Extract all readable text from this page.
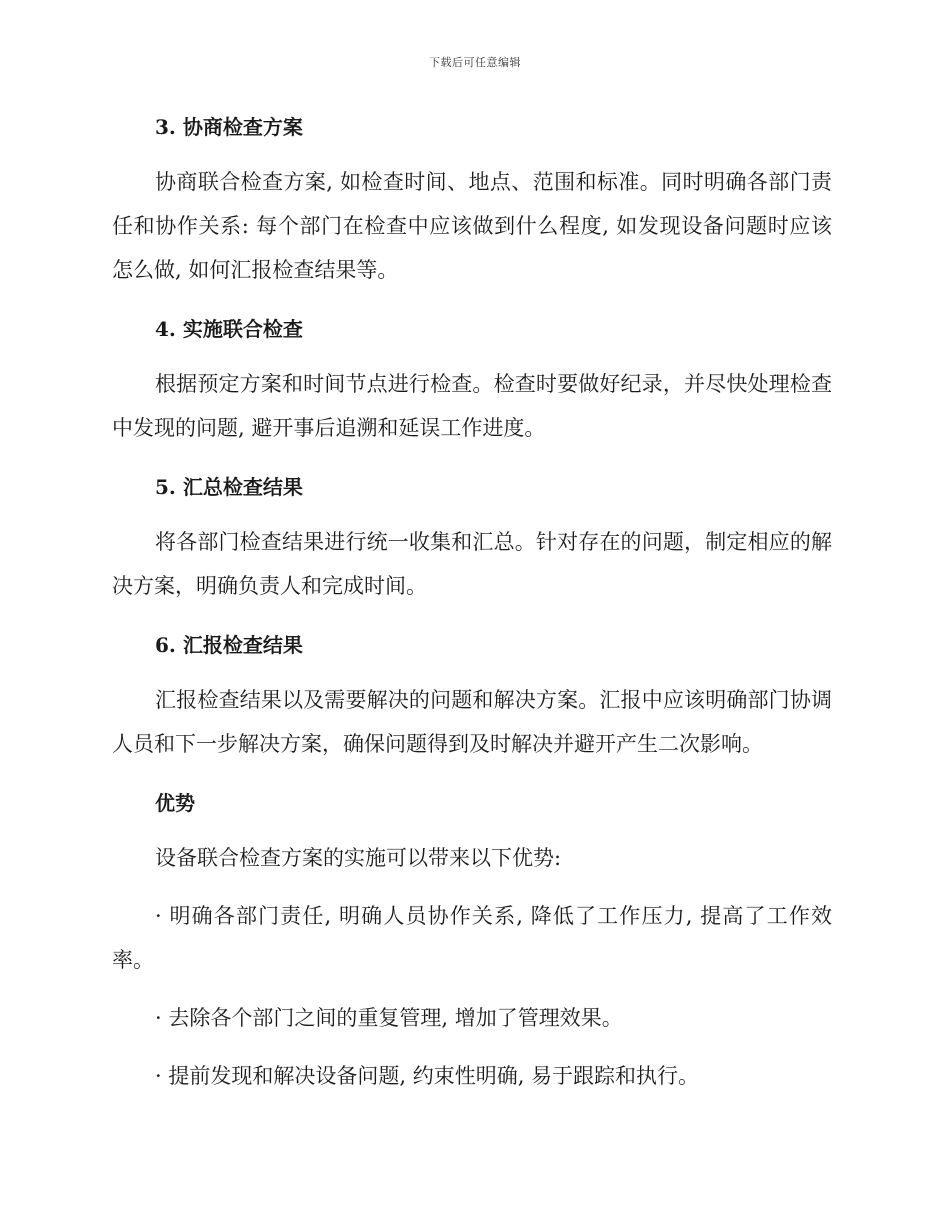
下载后可任意编辑
3. 协商检查方案

协商联合检查方案, 如检查时间、地点、范围和标准。同时明确各部门责任和协作关系: 每个部门在检查中应该做到什么程度, 如发现设备问题时应该怎么做, 如何汇报检查结果等。

4. 实施联合检查

根据预定方案和时间节点进行检查。检查时要做好纪录，并尽快处理检查中发现的问题, 避开事后追溯和延误工作进度。

5. 汇总检查结果

将各部门检查结果进行统一收集和汇总。针对存在的问题，制定相应的解决方案，明确负责人和完成时间。

6. 汇报检查结果

汇报检查结果以及需要解决的问题和解决方案。汇报中应该明确部门协调人员和下一步解决方案，确保问题得到及时解决并避开产生二次影响。

优势

设备联合检查方案的实施可以带来以下优势:

· 明确各部门责任, 明确人员协作关系, 降低了工作压力, 提高了工作效率。

· 去除各个部门之间的重复管理, 增加了管理效果。

· 提前发现和解决设备问题, 约束性明确, 易于跟踪和执行。
